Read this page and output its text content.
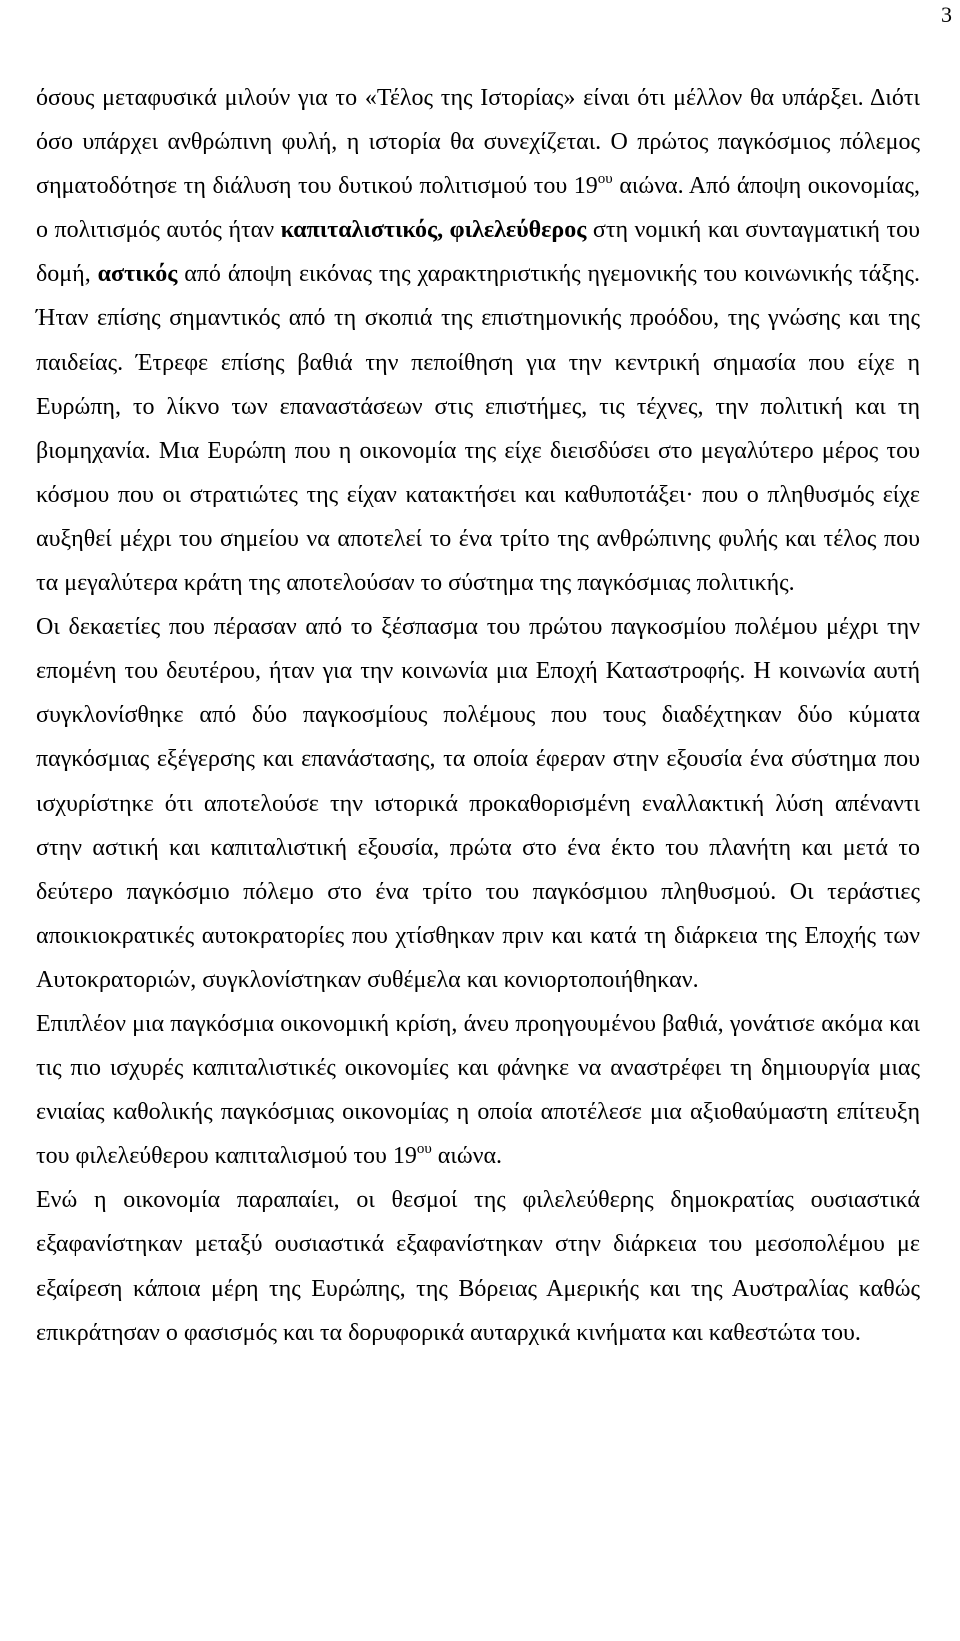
3

όσους μεταφυσικά μιλούν για το «Τέλος της Ιστορίας» είναι ότι μέλλον θα υπάρξει. Διότι όσο υπάρχει ανθρώπινη φυλή, η ιστορία θα συνεχίζεται. Ο πρώτος παγκόσμιος πόλεμος σηματοδότησε τη διάλυση του δυτικού πολιτισμού του $19^{o\upsilon}$ αιώνα. Από άποψη οικονομίας, ο πολιτισμός αυτός ήταν καπιταλιστικός, φιλελεύθερος στη νομική και συνταγματική του δομή, αστικός από άποψη εικόνας της χαρακτηριστικής ηγεμονικής του κοινωνικής τάξης. Ήταν επίσης σημαντικός από τη σκοπιά της επιστημονικής προόδου, της γνώσης και της παιδείας. Έτρεφε επίσης βαθιά την πεποίθηση για την κεντρική σημασία που είχε η Ευρώπη, το λίκνο των επαναστάσεων στις επιστήμες, τις τέχνες, την πολιτική και τη βιομηχανία. Μια Ευρώπη που η οικονομία της είχε διεισδύσει στο μεγαλύτερο μέρος του κόσμου που οι στρατιώτες της είχαν κατακτήσει και καθυποτάξει· που ο πληθυσμός είχε αυξηθεί μέχρι του σημείου να αποτελεί το ένα τρίτο της ανθρώπινης φυλής και τέλος που τα μεγαλύτερα κράτη της αποτελούσαν το σύστημα της παγκόσμιας πολιτικής.

Οι δεκαετίες που πέρασαν από το ξέσπασμα του πρώτου παγκοσμίου πολέμου μέχρι την επομένη του δευτέρου, ήταν για την κοινωνία μια Εποχή Καταστροφής. Η κοινωνία αυτή συγκλονίσθηκε από δύο παγκοσμίους πολέμους που τους διαδέχτηκαν δύο κύματα παγκόσμιας εξέγερσης και επανάστασης, τα οποία έφεραν στην εξουσία ένα σύστημα που ισχυρίστηκε ότι αποτελούσε την ιστορικά προκαθορισμένη εναλλακτική λύση απέναντι στην αστική και καπιταλιστική εξουσία, πρώτα στο ένα έκτο του πλανήτη και μετά το δεύτερο παγκόσμιο πόλεμο στο ένα τρίτο του παγκόσμιου πληθυσμού. Οι τεράστιες αποικιοκρατικές αυτοκρατορίες που χτίσθηκαν πριν και κατά τη διάρκεια της Εποχής των Αυτοκρατοριών, συγκλονίστηκαν συθέμελα και κονιορτοποιήθηκαν.

Επιπλέον μια παγκόσμια οικονομική κρίση, άνευ προηγουμένου βαθιά, γονάτισε ακόμα και τις πιο ισχυρές καπιταλιστικές οικονομίες και φάνηκε να αναστρέφει τη δημιουργία μιας ενιαίας καθολικής παγκόσμιας οικονομίας η οποία αποτέλεσε μια αξιοθαύμαστη επίτευξη του φιλελεύθερου καπιταλισμού του $19^{o\upsilon}$ αιώνα.

Ενώ η οικονομία παραπαίει, οι θεσμοί της φιλελεύθερης δημοκρατίας ουσιαστικά εξαφανίστηκαν μεταξύ ουσιαστικά εξαφανίστηκαν στην διάρκεια του μεσοπολέμου με εξαίρεση κάποια μέρη της Ευρώπης, της Βόρειας Αμερικής και της Αυστραλίας καθώς επικράτησαν ο φασισμός και τα δορυφορικά αυταρχικά κινήματα και καθεστώτα του.
